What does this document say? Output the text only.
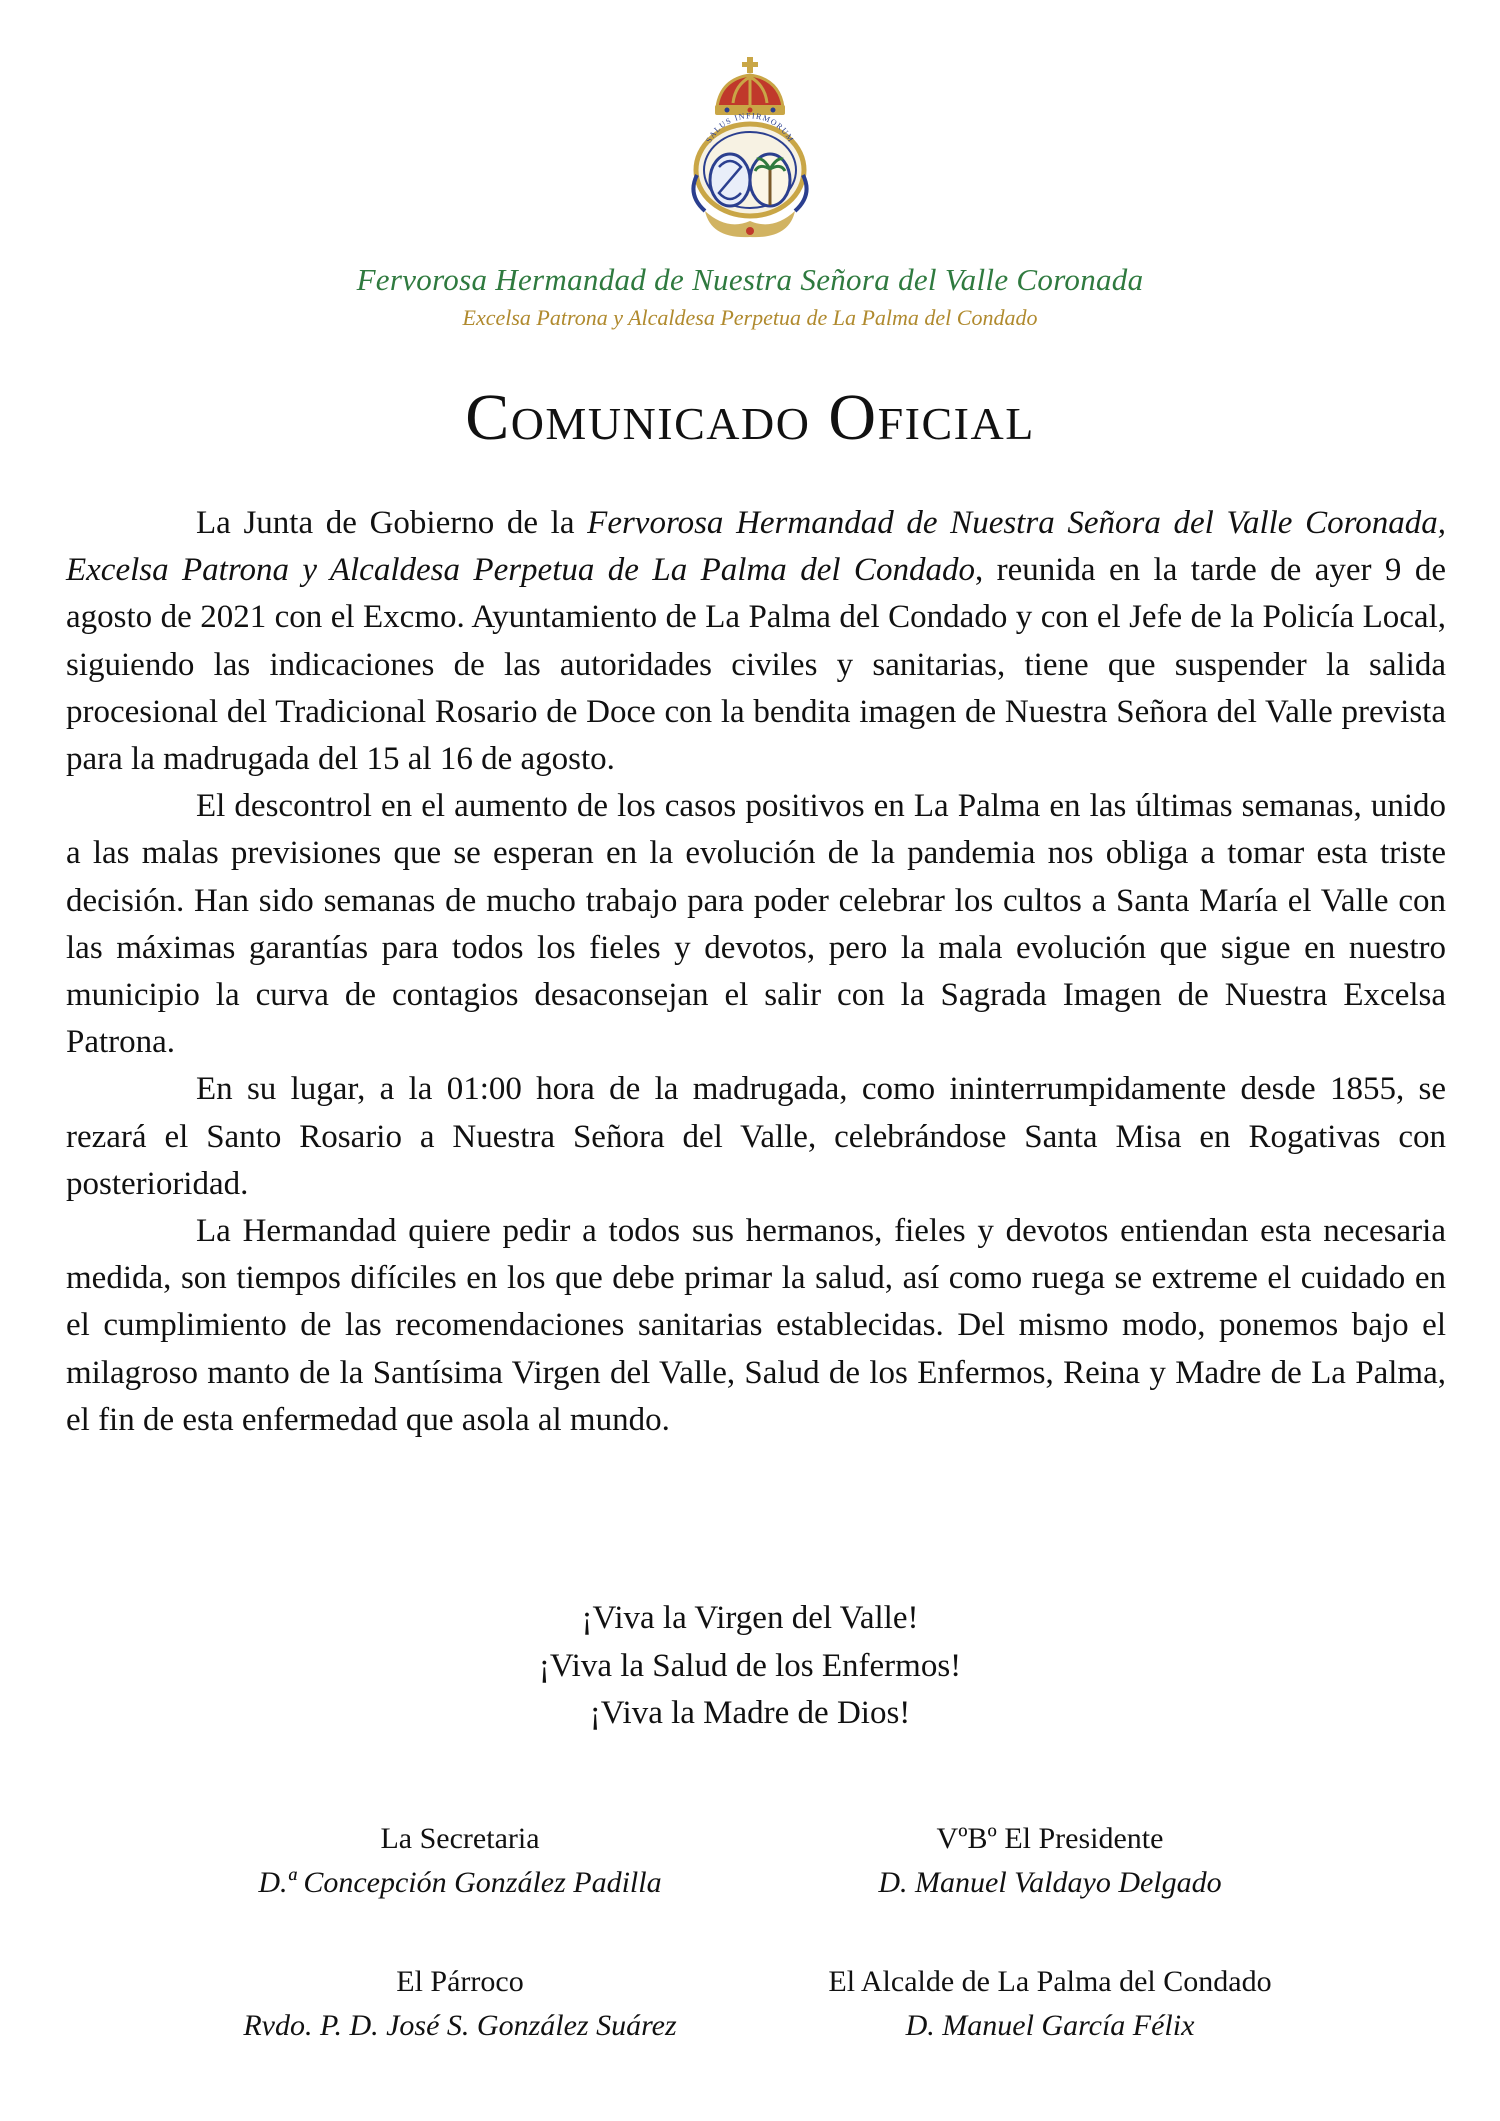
SALUS INFIRMORUM
Fervorosa Hermandad de Nuestra Señora del Valle Coronada
Excelsa Patrona y Alcaldesa Perpetua de La Palma del Condado
Comunicado Oficial

La Junta de Gobierno de la Fervorosa Hermandad de Nuestra Señora del Valle Coronada, Excelsa Patrona y Alcaldesa Perpetua de La Palma del Condado, reunida en la tarde de ayer 9 de agosto de 2021 con el Excmo. Ayuntamiento de La Palma del Condado y con el Jefe de la Policía Local, siguiendo las indicaciones de las autoridades civiles y sanitarias, tiene que suspender la salida procesional del Tradicional Rosario de Doce con la bendita imagen de Nuestra Señora del Valle prevista para la madrugada del 15 al 16 de agosto.

El descontrol en el aumento de los casos positivos en La Palma en las últimas semanas, unido a las malas previsiones que se esperan en la evolución de la pandemia nos obliga a tomar esta triste decisión. Han sido semanas de mucho trabajo para poder celebrar los cultos a Santa María el Valle con las máximas garantías para todos los fieles y devotos, pero la mala evolución que sigue en nuestro municipio la curva de contagios desaconsejan el salir con la Sagrada Imagen de Nuestra Excelsa Patrona.

En su lugar, a la 01:00 hora de la madrugada, como ininterrumpidamente desde 1855, se rezará el Santo Rosario a Nuestra Señora del Valle, celebrándose Santa Misa en Rogativas con posterioridad.

La Hermandad quiere pedir a todos sus hermanos, fieles y devotos entiendan esta necesaria medida, son tiempos difíciles en los que debe primar la salud, así como ruega se extreme el cuidado en el cumplimiento de las recomendaciones sanitarias establecidas. Del mismo modo, ponemos bajo el milagroso manto de la Santísima Virgen del Valle, Salud de los Enfermos, Reina y Madre de La Palma, el fin de esta enfermedad que asola al mundo.

¡Viva la Virgen del Valle!
¡Viva la Salud de los Enfermos!
¡Viva la Madre de Dios!
La Secretaria
D.ª Concepción González Padilla
VºBº El Presidente
D. Manuel Valdayo Delgado
El Párroco
Rvdo. P. D. José S. González Suárez
El Alcalde de La Palma del Condado
D. Manuel García Félix
